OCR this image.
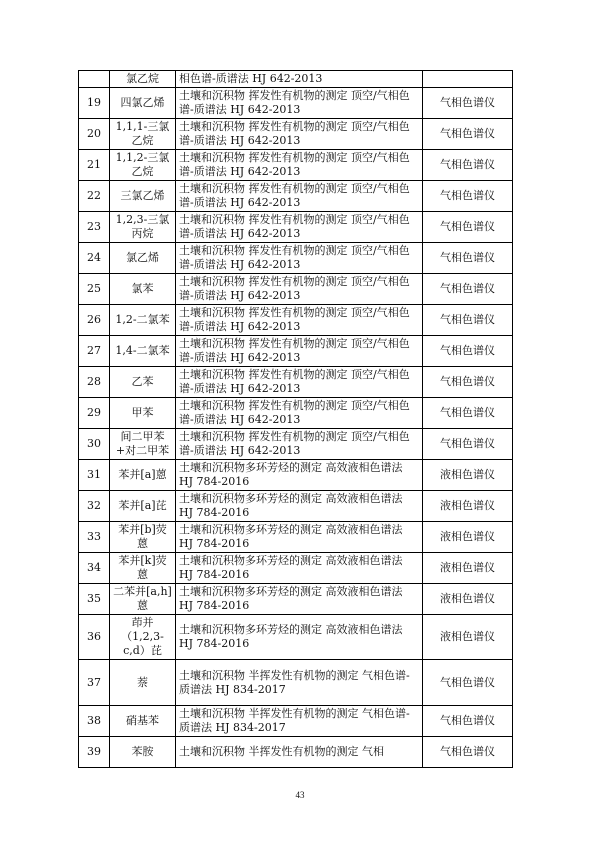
	氯乙烷	相色谱-质谱法 HJ 642-2013	
19	四氯乙烯	土壤和沉积物 挥发性有机物的测定 顶空/气相色谱-质谱法 HJ 642-2013	气相色谱仪
20	1,1,1-三氯乙烷	土壤和沉积物 挥发性有机物的测定 顶空/气相色谱-质谱法 HJ 642-2013	气相色谱仪
21	1,1,2-三氯乙烷	土壤和沉积物 挥发性有机物的测定 顶空/气相色谱-质谱法 HJ 642-2013	气相色谱仪
22	三氯乙烯	土壤和沉积物 挥发性有机物的测定 顶空/气相色谱-质谱法 HJ 642-2013	气相色谱仪
23	1,2,3-三氯丙烷	土壤和沉积物 挥发性有机物的测定 顶空/气相色谱-质谱法 HJ 642-2013	气相色谱仪
24	氯乙烯	土壤和沉积物 挥发性有机物的测定 顶空/气相色谱-质谱法 HJ 642-2013	气相色谱仪
25	氯苯	土壤和沉积物 挥发性有机物的测定 顶空/气相色谱-质谱法 HJ 642-2013	气相色谱仪
26	1,2-二氯苯	土壤和沉积物 挥发性有机物的测定 顶空/气相色谱-质谱法 HJ 642-2013	气相色谱仪
27	1,4-二氯苯	土壤和沉积物 挥发性有机物的测定 顶空/气相色谱-质谱法 HJ 642-2013	气相色谱仪
28	乙苯	土壤和沉积物 挥发性有机物的测定 顶空/气相色谱-质谱法 HJ 642-2013	气相色谱仪
29	甲苯	土壤和沉积物 挥发性有机物的测定 顶空/气相色谱-质谱法 HJ 642-2013	气相色谱仪
30	间二甲苯+对二甲苯	土壤和沉积物 挥发性有机物的测定 顶空/气相色谱-质谱法 HJ 642-2013	气相色谱仪
31	苯并[a]蒽	土壤和沉积物多环芳烃的测定 高效液相色谱法 HJ 784-2016	液相色谱仪
32	苯并[a]芘	土壤和沉积物多环芳烃的测定 高效液相色谱法 HJ 784-2016	液相色谱仪
33	苯并[b]荧蒽	土壤和沉积物多环芳烃的测定 高效液相色谱法 HJ 784-2016	液相色谱仪
34	苯并[k]荧蒽	土壤和沉积物多环芳烃的测定 高效液相色谱法 HJ 784-2016	液相色谱仪
35	二苯并[a,h]蒽	土壤和沉积物多环芳烃的测定 高效液相色谱法 HJ 784-2016	液相色谱仪
36	茚并（1,2,3-c,d）芘	土壤和沉积物多环芳烃的测定 高效液相色谱法 HJ 784-2016	液相色谱仪
37	萘	土壤和沉积物 半挥发性有机物的测定 气相色谱-质谱法 HJ 834-2017	气相色谱仪
38	硝基苯	土壤和沉积物 半挥发性有机物的测定 气相色谱-质谱法 HJ 834-2017	气相色谱仪
39	苯胺	土壤和沉积物 半挥发性有机物的测定 气相	气相色谱仪
43
